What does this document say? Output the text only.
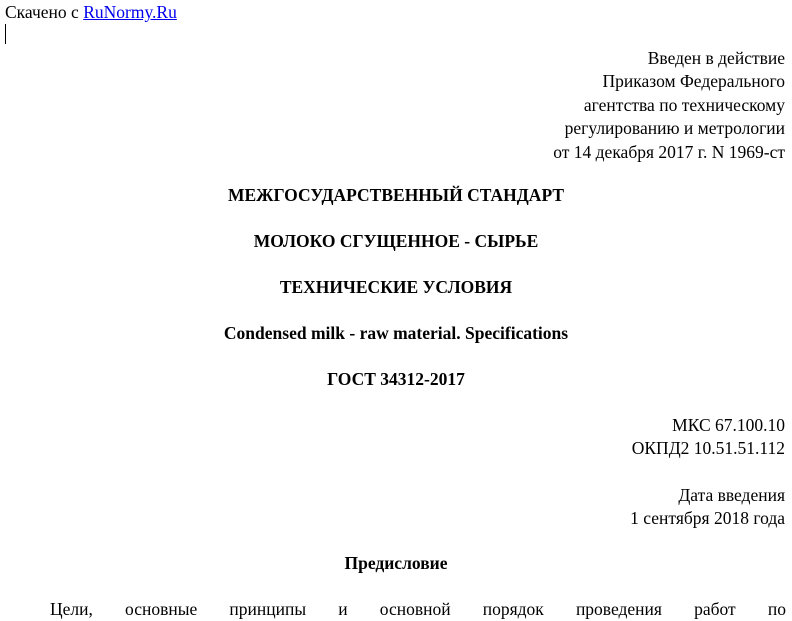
Скачено с RuNormy.Ru
Введен в действие
Приказом Федерального
агентства по техническому
регулированию и метрологии
от 14 декабря 2017 г. N 1969-ст
МЕЖГОСУДАРСТВЕННЫЙ СТАНДАРТ
МОЛОКО СГУЩЕННОЕ - СЫРЬЕ
ТЕХНИЧЕСКИЕ УСЛОВИЯ
Condensed milk - raw material. Specifications
ГОСТ 34312-2017
МКС 67.100.10
ОКПД2 10.51.51.112
Дата введения
1 сентября 2018 года
Предисловие
Цели, основные принципы и основной порядок проведения работ по
